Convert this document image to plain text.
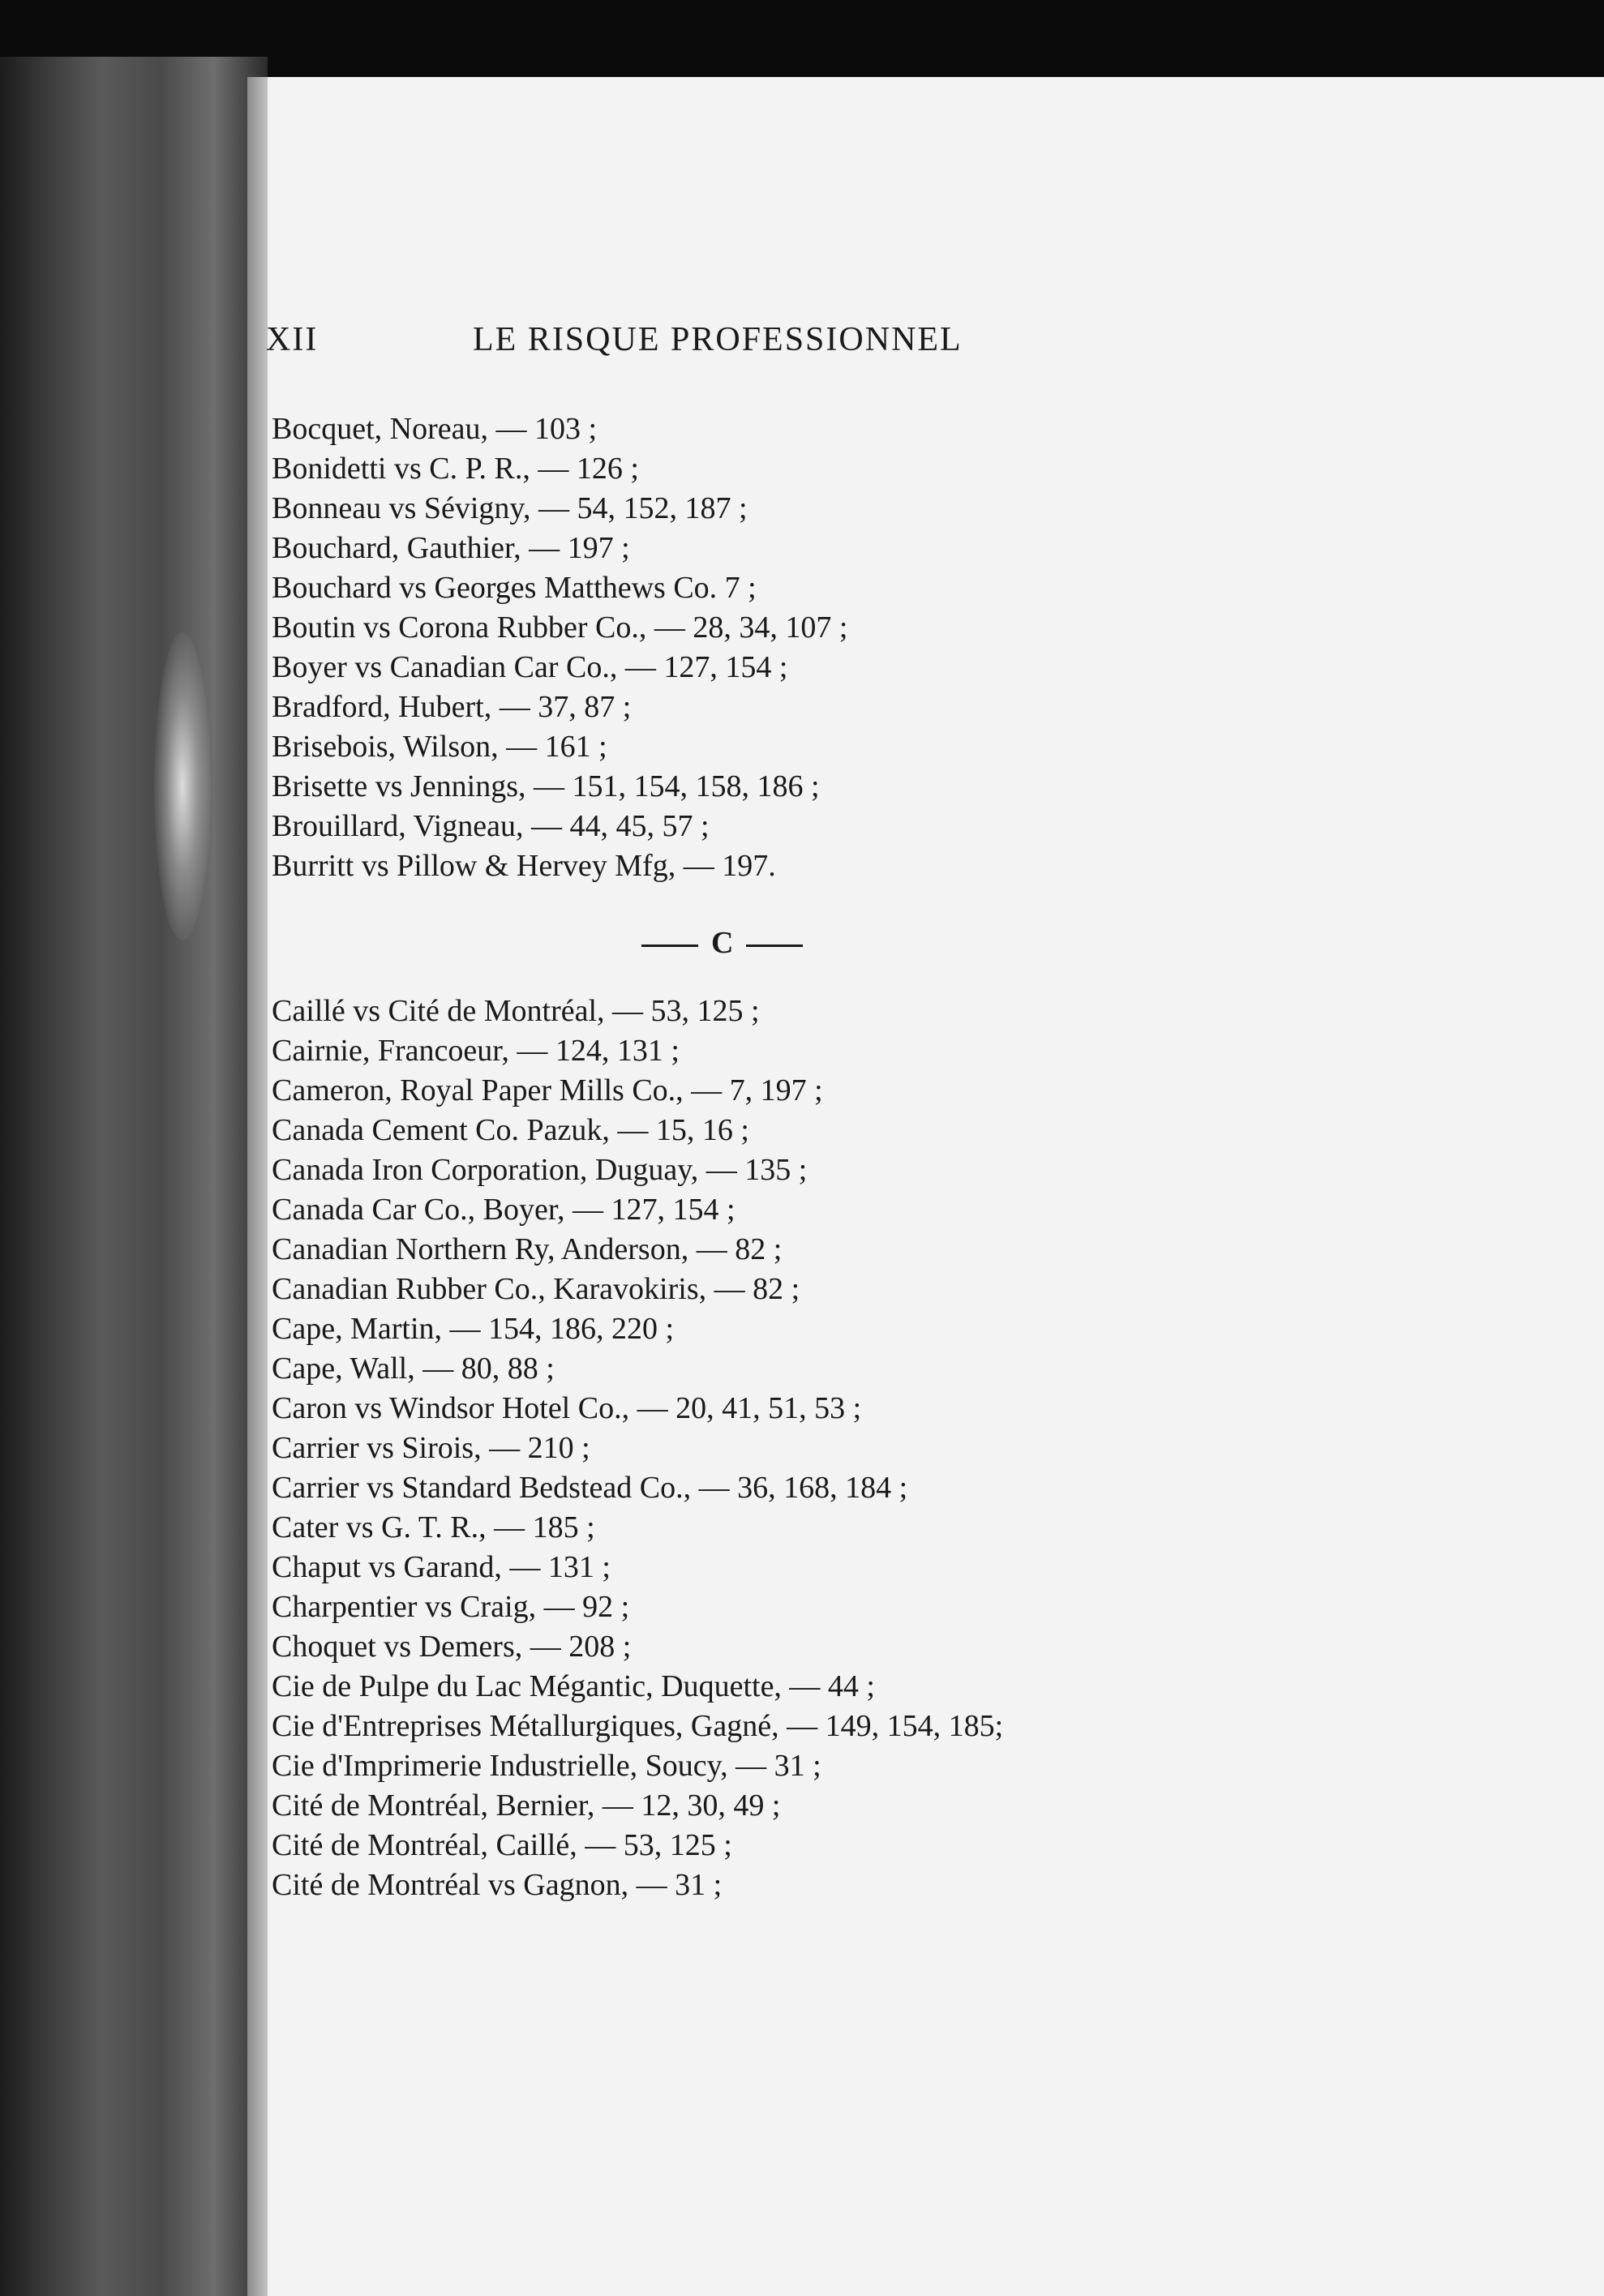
XII	LE RISQUE PROFESSIONNEL
Bocquet, Noreau, — 103 ;
Bonidetti vs C. P. R., — 126 ;
Bonneau vs Sévigny, — 54, 152, 187 ;
Bouchard, Gauthier, — 197 ;
Bouchard vs Georges Matthews Co. 7 ;
Boutin vs Corona Rubber Co., — 28, 34, 107 ;
Boyer vs Canadian Car Co., — 127, 154 ;
Bradford, Hubert, — 37, 87 ;
Brisebois, Wilson, — 161 ;
Brisette vs Jennings, — 151, 154, 158, 186 ;
Brouillard, Vigneau, — 44, 45, 57 ;
Burritt vs Pillow & Hervey Mfg, — 197.
C
Caillé vs Cité de Montréal, — 53, 125 ;
Cairnie, Francoeur, — 124, 131 ;
Cameron, Royal Paper Mills Co., — 7, 197 ;
Canada Cement Co. Pazuk, — 15, 16 ;
Canada Iron Corporation, Duguay, — 135 ;
Canada Car Co., Boyer, — 127, 154 ;
Canadian Northern Ry, Anderson, — 82 ;
Canadian Rubber Co., Karavokiris, — 82 ;
Cape, Martin, — 154, 186, 220 ;
Cape, Wall, — 80, 88 ;
Caron vs Windsor Hotel Co., — 20, 41, 51, 53 ;
Carrier vs Sirois, — 210 ;
Carrier vs Standard Bedstead Co., — 36, 168, 184 ;
Cater vs G. T. R., — 185 ;
Chaput vs Garand, — 131 ;
Charpentier vs Craig, — 92 ;
Choquet vs Demers, — 208 ;
Cie de Pulpe du Lac Mégantic, Duquette, — 44 ;
Cie d'Entreprises Métallurgiques, Gagné, — 149, 154, 185;
Cie d'Imprimerie Industrielle, Soucy, — 31 ;
Cité de Montréal, Bernier, — 12, 30, 49 ;
Cité de Montréal, Caillé, — 53, 125 ;
Cité de Montréal vs Gagnon, — 31 ;
